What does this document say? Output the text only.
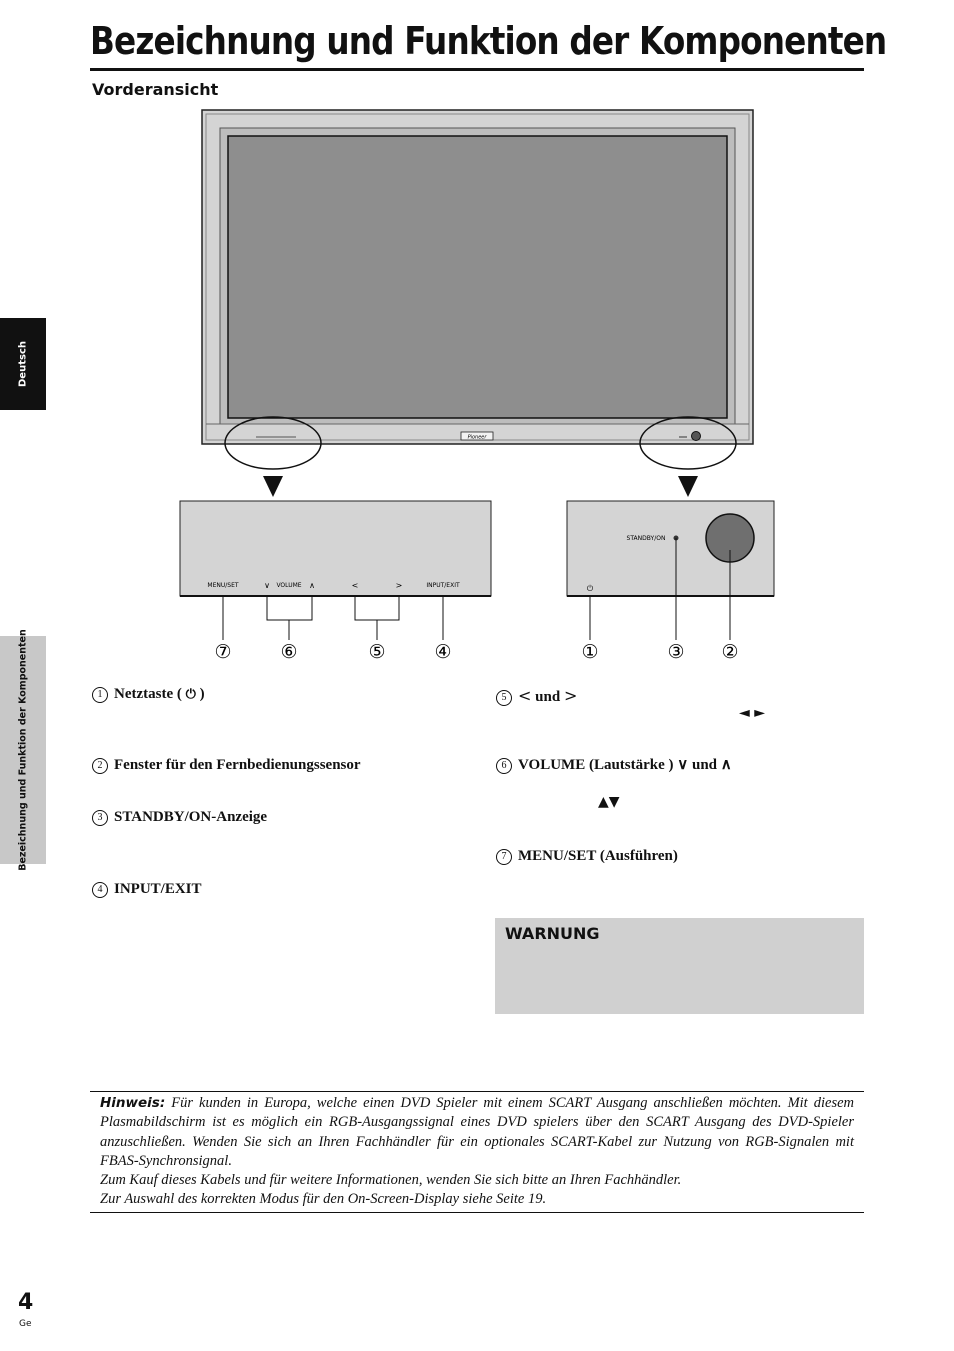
Bezeichnung und Funktion der Komponenten
Vorderansicht
Deutsch
Bezeichnung und Funktion der Komponenten
Pioneer
MENU/SET	∨ VOLUME ∧	<	>	INPUT/EXIT
STANDBY/ON
⏻
⑦	⑥	⑤	④	①	③ ②
1 Netztaste ( ⏻ )
2 Fenster für den Fernbedienungssensor
3 STANDBY/ON-Anzeige
4 INPUT/EXIT
5 < und >
◄ ►
6 VOLUME (Lautstärke ) ∨ und ∧
▲▼
7 MENU/SET (Ausführen)
WARNUNG

Hinweis: Für kunden in Europa, welche einen DVD Spieler mit einem SCART Ausgang anschließen möchten. Mit diesem Plasmabildschirm ist es möglich ein RGB-Ausgangssignal eines DVD spielers über den SCART Ausgang des DVD-Spieler anzuschließen. Wenden Sie sich an Ihren Fachhändler für ein optionales SCART-Kabel zur Nutzung von RGB-Signalen mit FBAS-Synchronsignal.

Zum Kauf dieses Kabels und für weitere Informationen, wenden Sie sich bitte an Ihren Fachhändler.

Zur Auswahl des korrekten Modus für den On-Screen-Display siehe Seite 19.

4
Ge
